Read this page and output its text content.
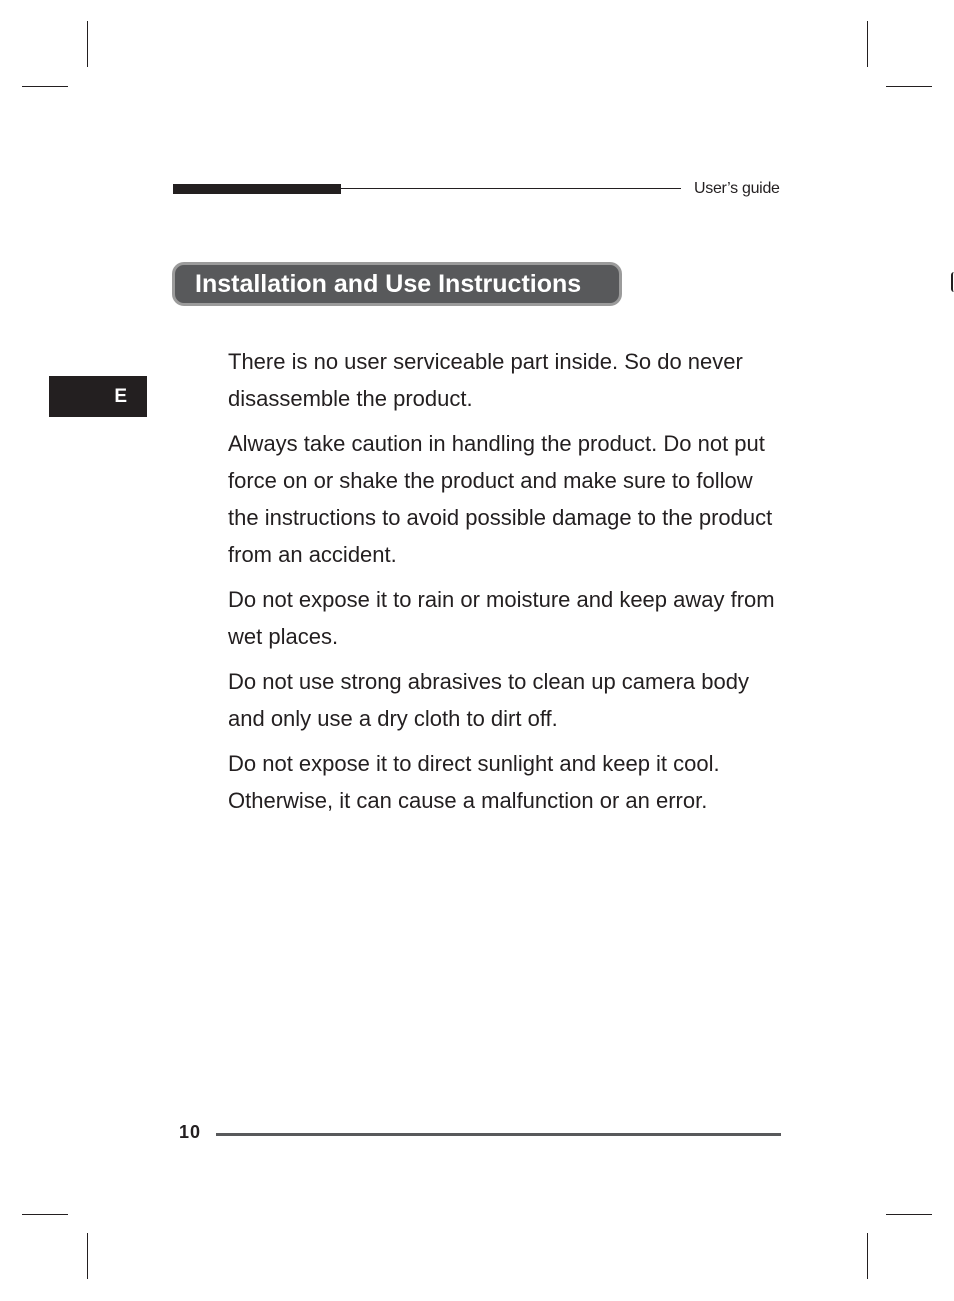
User’s guide
Installation and Use Instructions
E
There is no user serviceable part inside. So do never disassemble the product.
Always take caution in handling the product. Do not put force on or shake the product and make sure to follow the instructions to avoid possible damage to the product from an accident.
Do not expose it to rain or moisture and keep away from wet places.
Do not use strong abrasives to clean up camera body and only use a dry cloth to dirt off.
Do not expose it to direct sunlight and keep it cool. Otherwise, it can cause a malfunction or an error.
10
